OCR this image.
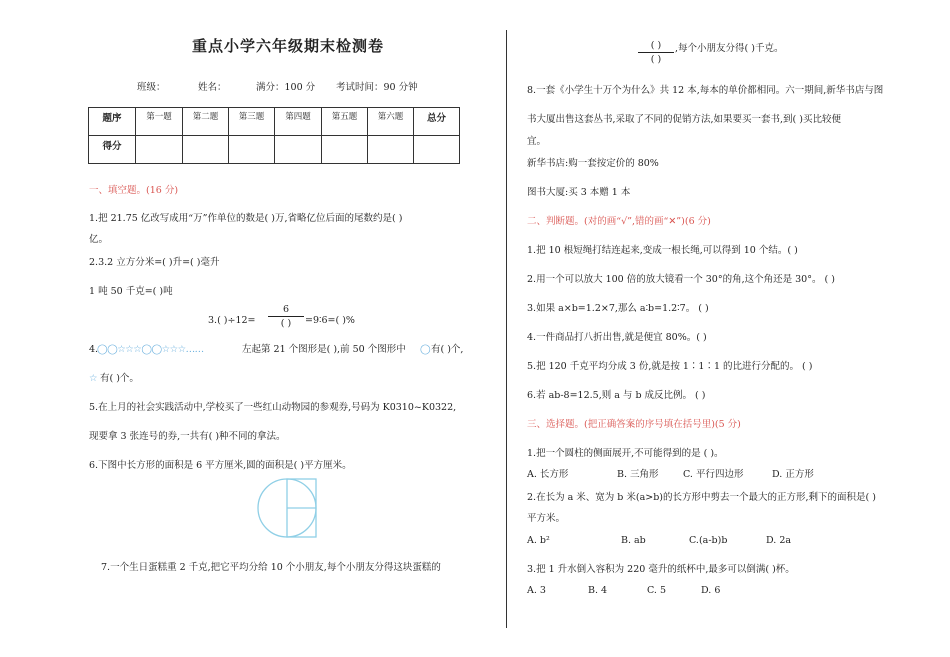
重点小学六年级期末检测卷
班级：	姓名：	满分：100 分 考试时间：90 分钟
题序	第一题	第二题	第三题	第四题	第五题	第六题	总分
得分							
一、填空题。(16 分)
1.把 21.75 亿改写成用“万”作单位的数是( )万,省略亿位后面的尾数约是( )
亿。
2.3.2 立方分米=( )升=( )毫升
1 吨 50 千克=( )吨
3.( )÷12=
6
( )	=9∶6=( )%
4.
◯◯☆☆☆◯◯☆☆☆……	左起第 21 个图形是( ),前 50 个图形中 ◯ 有( )个,
☆ 有( )个。
5.在上月的社会实践活动中,学校买了一些红山动物园的参观券,号码为 K0310~K0322,
现要拿 3 张连号的券,一共有( )种不同的拿法。
6.下图中长方形的面积是 6 平方厘米,圆的面积是( )平方厘米。
7.一个生日蛋糕重 2 千克,把它平均分给 10 个小朋友,每个小朋友分得这块蛋糕的
( )
( )
,每个小朋友分得( )千克。
8.一套《小学生十万个为什么》共 12 本,每本的单价都相同。六一期间,新华书店与图
书大厦出售这套丛书,采取了不同的促销方法,如果要买一套书,到( )买比较便
宜。
新华书店:购一套按定价的 80%
图书大厦:买 3 本赠 1 本
二、判断题。(对的画“√”,错的画“✕”)(6 分)
1.把 10 根短绳打结连起来,变成一根长绳,可以得到 10 个结。( )
2.用一个可以放大 100 倍的放大镜看一个 30°的角,这个角还是 30°。 ( )
3.如果 a×b=1.2×7,那么 a∶b=1.2∶7。 ( )
4.一件商品打八折出售,就是便宜 80%。( )
5.把 120 千克平均分成 3 份,就是按 1∶1∶1 的比进行分配的。 ( )
6.若 ab-8=12.5,则 a 与 b 成反比例。 ( )
三、选择题。(把正确答案的序号填在括号里)(5 分)
1.把一个圆柱的侧面展开,不可能得到的是 ( )。
A. 长方形	B. 三角形	C. 平行四边形	D. 正方形
2.在长为 a 米、宽为 b 米(a>b)的长方形中剪去一个最大的正方形,剩下的面积是( )
平方米。
A. b²	B. ab	C.(a-b)b	D. 2a
3.把 1 升水倒入容积为 220 毫升的纸杯中,最多可以倒满( )杯。
A. 3	B. 4	C. 5	D. 6
